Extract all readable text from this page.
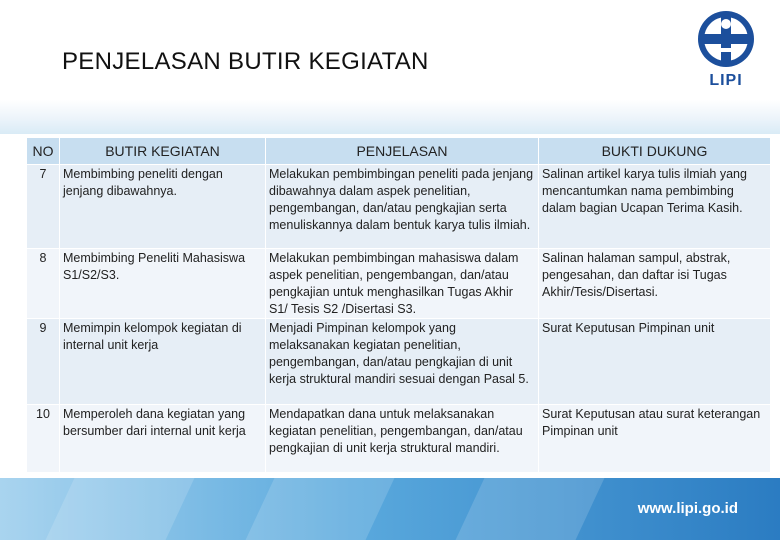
PENJELASAN BUTIR KEGIATAN
LIPI
NO	BUTIR KEGIATAN	PENJELASAN	BUKTI DUKUNG
7	Membimbing peneliti dengan jenjang dibawahnya.	Melakukan pembimbingan peneliti pada jenjang dibawahnya dalam aspek penelitian, pengembangan, dan/atau pengkajian serta menuliskannya dalam bentuk karya tulis ilmiah.	Salinan artikel karya tulis ilmiah yang mencantumkan nama pembimbing dalam bagian Ucapan Terima Kasih.
8	Membimbing Peneliti Mahasiswa S1/S2/S3.	Melakukan pembimbingan mahasiswa dalam aspek penelitian, pengembangan, dan/atau pengkajian untuk menghasilkan Tugas Akhir S1/ Tesis S2 /Disertasi S3.	Salinan halaman sampul, abstrak, pengesahan, dan daftar isi Tugas Akhir/Tesis/Disertasi.
9	Memimpin kelompok kegiatan di internal unit kerja	Menjadi Pimpinan kelompok yang melaksanakan kegiatan penelitian, pengembangan, dan/atau pengkajian di unit kerja struktural mandiri sesuai dengan Pasal 5.	Surat Keputusan Pimpinan unit
10	Memperoleh dana kegiatan yang bersumber dari internal unit kerja	Mendapatkan dana untuk melaksanakan kegiatan penelitian, pengembangan, dan/atau pengkajian di unit kerja struktural mandiri.	Surat Keputusan atau surat keterangan Pimpinan unit
www.lipi.go.id
